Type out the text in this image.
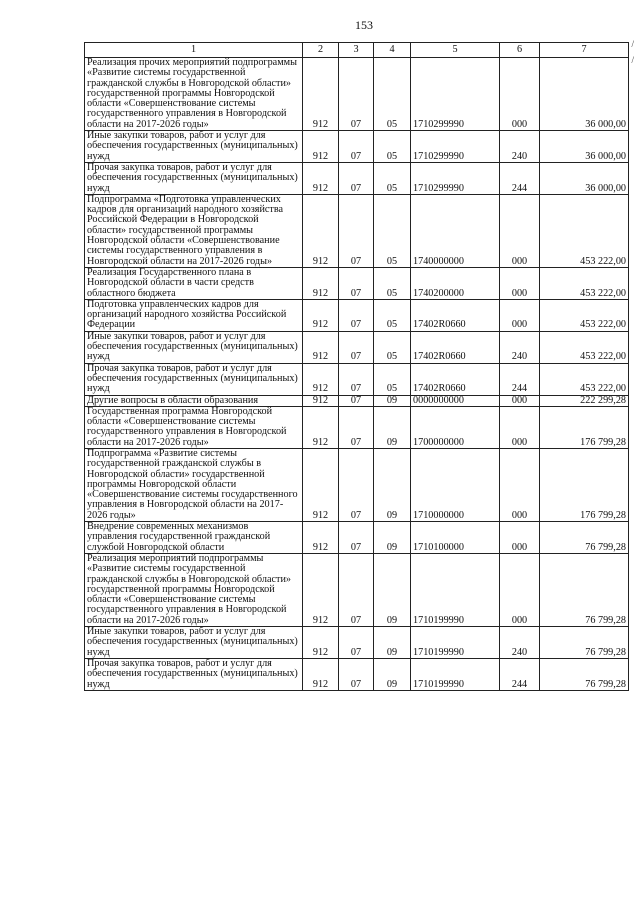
153
/
/
1	2	3	4	5	6	7
Реализация прочих мероприятий подпрограммы «Развитие системы государственной гражданской службы в Новгородской области» государственной программы Новгородской области «Совершенствование системы государственного управления в Новгородской области на 2017-2026 годы»	912	07	05	1710299990	000	36 000,00
Иные закупки товаров, работ и услуг для обеспечения государственных (муниципальных) нужд	912	07	05	1710299990	240	36 000,00
Прочая закупка товаров, работ и услуг для обеспечения государственных (муниципальных) нужд	912	07	05	1710299990	244	36 000,00
Подпрограмма «Подготовка управленческих кадров для организаций народного хозяйства Российской Федерации в Новгородской области» государственной программы Новгородской области «Совершенствование системы государственного управления в Новгородской области на 2017-2026 годы»	912	07	05	1740000000	000	453 222,00
Реализация Государственного плана в Новгородской области в части средств областного бюджета	912	07	05	1740200000	000	453 222,00
Подготовка управленческих кадров для организаций народного хозяйства Российской Федерации	912	07	05	17402R0660	000	453 222,00
Иные закупки товаров, работ и услуг для обеспечения государственных (муниципальных) нужд	912	07	05	17402R0660	240	453 222,00
Прочая закупка товаров, работ и услуг для обеспечения государственных (муниципальных) нужд	912	07	05	17402R0660	244	453 222,00
Другие вопросы в области образования	912	07	09	0000000000	000	222 299,28
Государственная программа Новгородской области «Совершенствование системы государственного управления в Новгородской области на 2017-2026 годы»	912	07	09	1700000000	000	176 799,28
Подпрограмма «Развитие системы государственной гражданской службы в Новгородской области» государственной программы Новгородской области «Совершенствование системы государственного управления в Новгородской области на 2017-2026 годы»	912	07	09	1710000000	000	176 799,28
Внедрение современных механизмов управления государственной гражданской службой Новгородской области	912	07	09	1710100000	000	76 799,28
Реализация мероприятий подпрограммы «Развитие системы государственной гражданской службы в Новгородской области» государственной программы Новгородской области «Совершенствование системы государственного управления в Новгородской области на 2017-2026 годы»	912	07	09	1710199990	000	76 799,28
Иные закупки товаров, работ и услуг для обеспечения государственных (муниципальных) нужд	912	07	09	1710199990	240	76 799,28
Прочая закупка товаров, работ и услуг для обеспечения государственных (муниципальных) нужд	912	07	09	1710199990	244	76 799,28
